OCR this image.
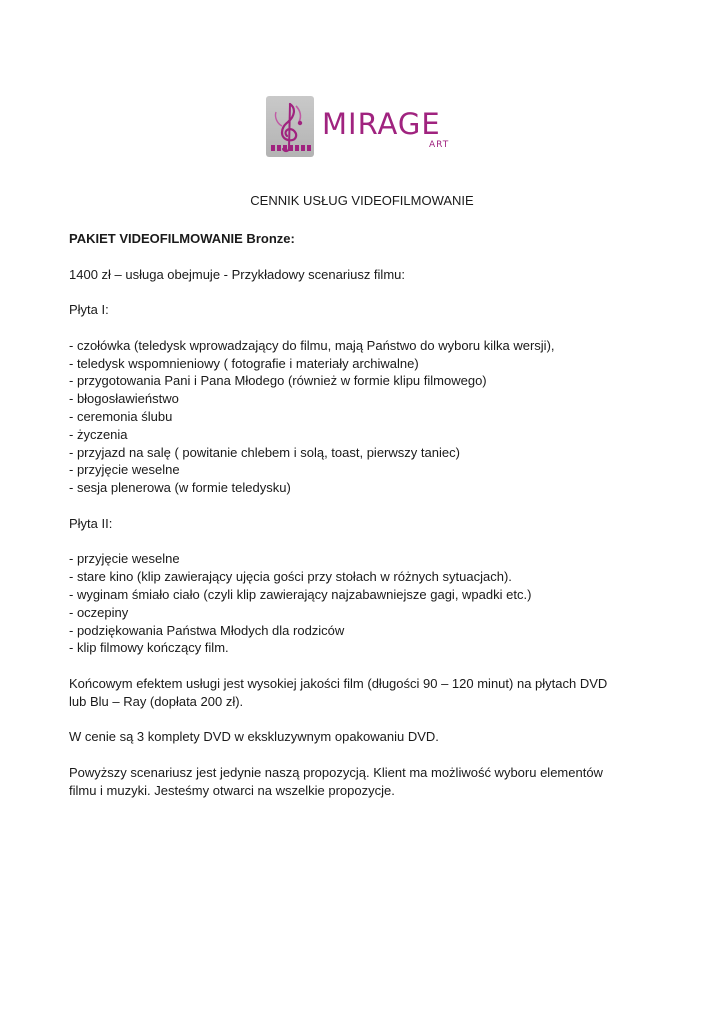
MIRAGE
ART
CENNIK USŁUG VIDEOFILMOWANIE

PAKIET VIDEOFILMOWANIE Bronze:

1400 zł – usługa obejmuje - Przykładowy scenariusz filmu:

Płyta I:

- czołówka (teledysk wprowadzający do filmu, mają Państwo do wyboru kilka wersji),
- teledysk wspomnieniowy ( fotografie i materiały archiwalne)
- przygotowania Pani i Pana Młodego (również w formie klipu filmowego)
- błogosławieństwo
- ceremonia ślubu
- życzenia
- przyjazd na salę ( powitanie chlebem i solą, toast, pierwszy taniec)
- przyjęcie weselne
- sesja plenerowa (w formie teledysku)

Płyta II:

- przyjęcie weselne
- stare kino (klip zawierający ujęcia gości przy stołach w różnych sytuacjach).
- wyginam śmiało ciało (czyli klip zawierający najzabawniejsze gagi, wpadki etc.)
- oczepiny
- podziękowania Państwa Młodych dla rodziców
- klip filmowy kończący film.

Końcowym efektem usługi jest wysokiej jakości film (długości 90 – 120 minut) na płytach DVD

lub Blu – Ray (dopłata 200 zł).

W cenie są 3 komplety DVD w ekskluzywnym opakowaniu DVD.

Powyższy scenariusz jest jedynie naszą propozycją. Klient ma możliwość wyboru elementów

filmu i muzyki. Jesteśmy otwarci na wszelkie propozycje.
